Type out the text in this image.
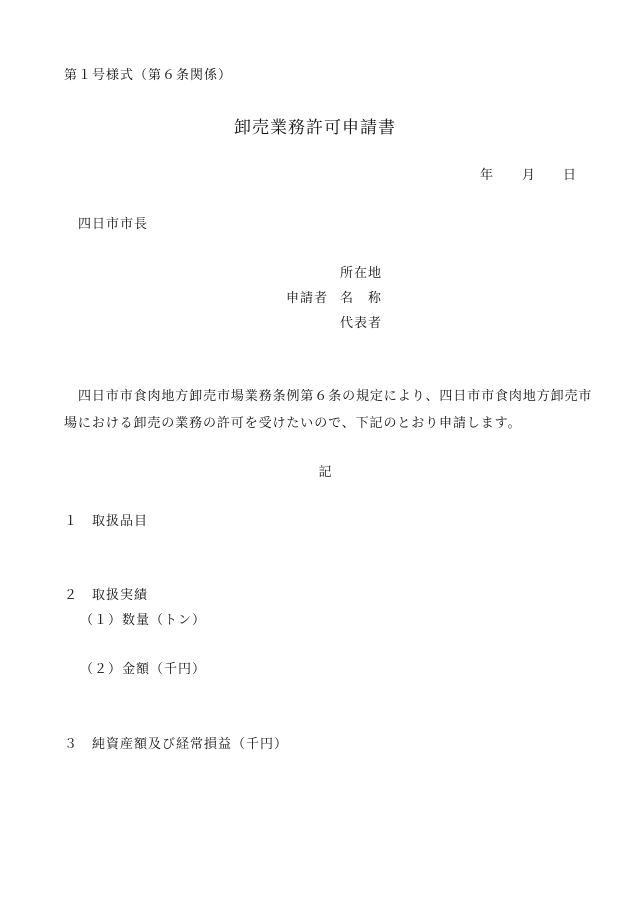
第１号様式（第６条関係）
卸売業務許可申請書
年 月 日
四日市市長
所在地
申請者 名　称
代表者
四日市市食肉地方卸売市場業務条例第６条の規定により、四日市市食肉地方卸売市
場における卸売の業務の許可を受けたいので、下記のとおり申請します。
記
１　取扱品目
２　取扱実績
（１）数量（トン）
（２）金額（千円）
３　純資産額及び経常損益（千円）
